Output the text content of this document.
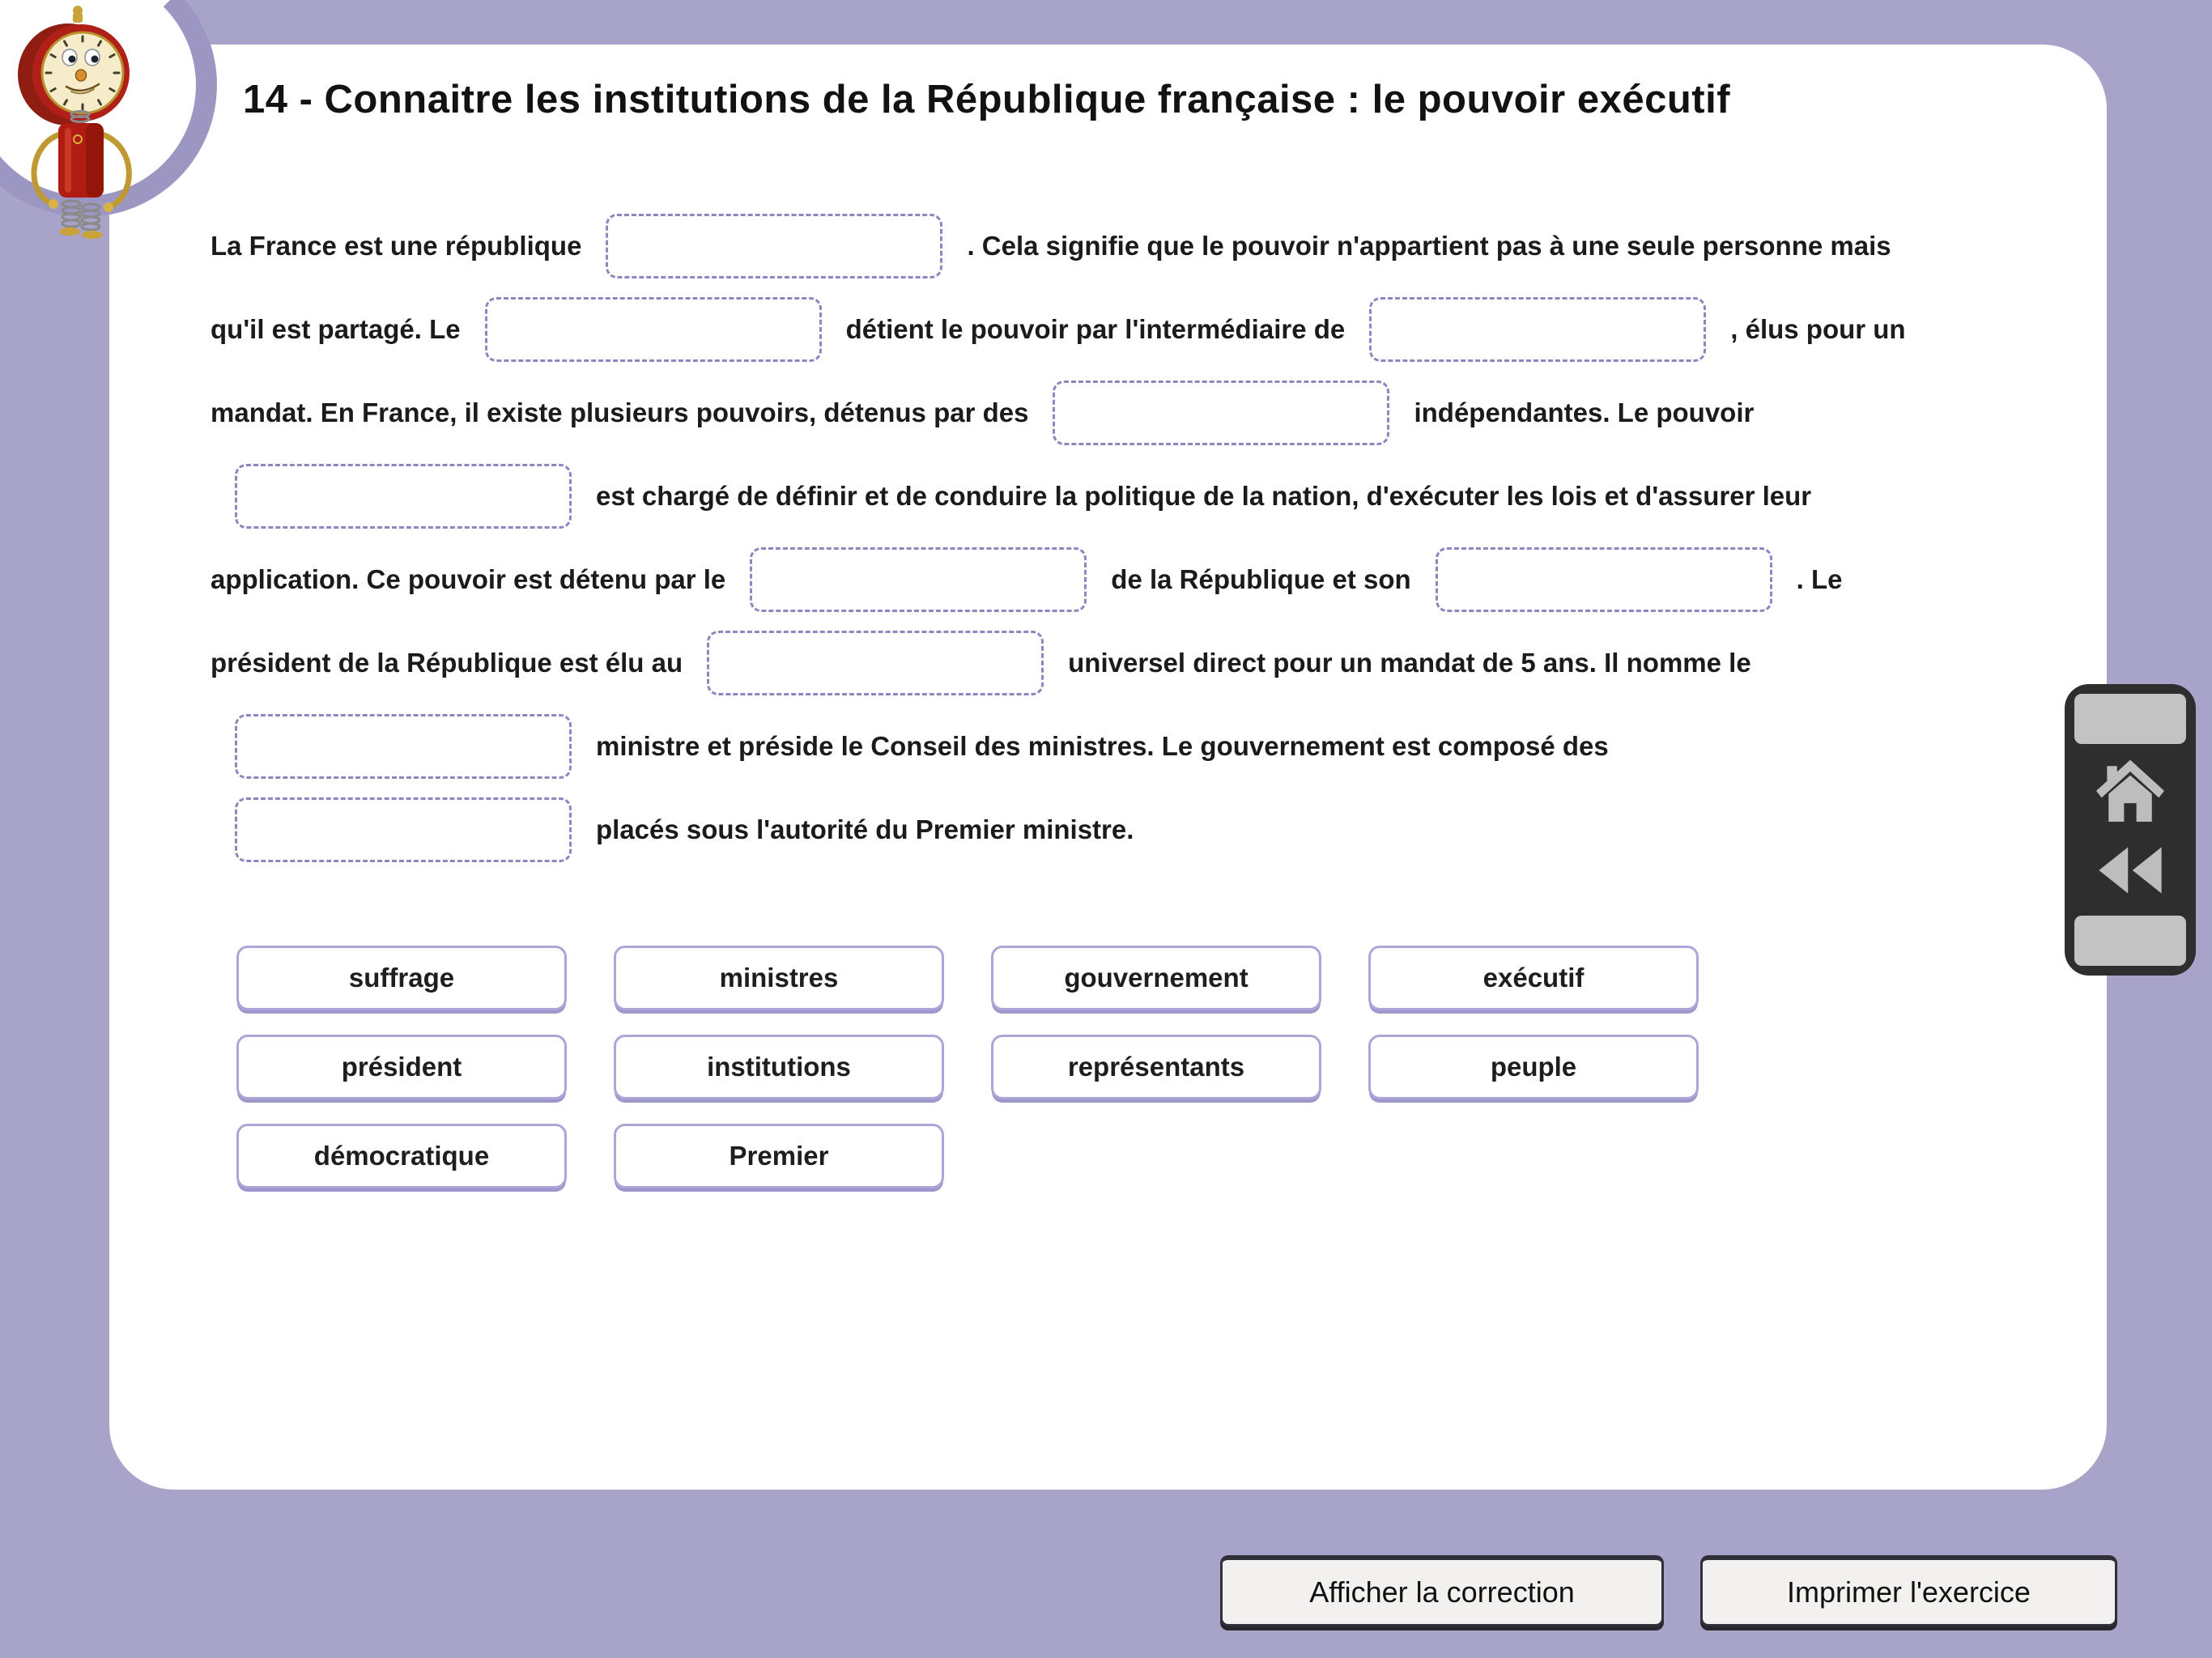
14 - Connaitre les institutions de la République française : le pouvoir exécutif
La France est une république	. Cela signifie que le pouvoir n'appartient pas à une seule personne mais
qu'il est partagé. Le	détient le pouvoir par l'intermédiaire de	, élus pour un
mandat. En France, il existe plusieurs pouvoirs, détenus par des	indépendantes. Le pouvoir
est chargé de définir et de conduire la politique de la nation, d'exécuter les lois et d'assurer leur
application. Ce pouvoir est détenu par le	de la République et son	. Le
président de la République est élu au	universel direct pour un mandat de 5 ans. Il nomme le
ministre et préside le Conseil des ministres. Le gouvernement est composé des
placés sous l'autorité du Premier ministre.
suffrage	ministres	gouvernement	exécutif
président	institutions	représentants	peuple
démocratique	Premier
Afficher la correction	Imprimer l'exercice
